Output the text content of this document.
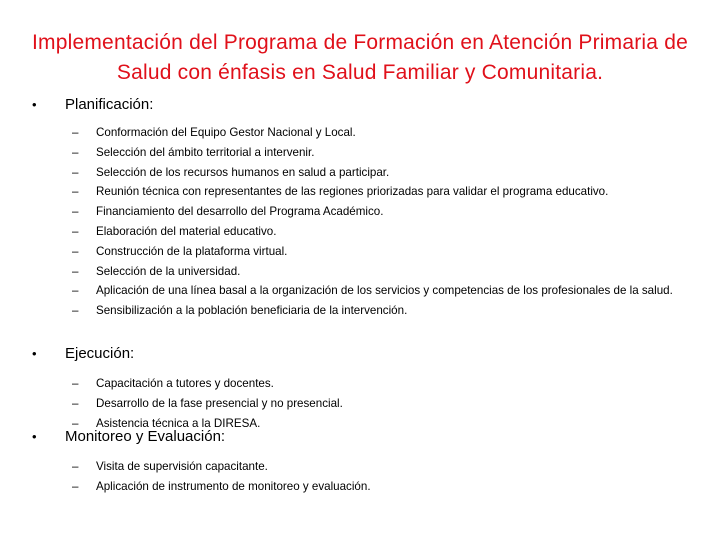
Implementación del Programa de Formación en Atención Primaria de Salud con énfasis en Salud Familiar y Comunitaria.
•	Planificación:
– Conformación del Equipo Gestor Nacional y Local.
– Selección del ámbito territorial a intervenir.
– Selección de los recursos humanos en salud a participar.
– Reunión técnica con representantes de las regiones priorizadas para validar el programa educativo.
– Financiamiento del desarrollo del Programa Académico.
– Elaboración del material educativo.
– Construcción de la plataforma virtual.
– Selección de la universidad.
– Aplicación de una línea basal a la organización de los servicios y competencias de los profesionales de la salud.
– Sensibilización a la población beneficiaria de la intervención.
•	Ejecución:
– Capacitación a tutores y docentes.
– Desarrollo de la fase presencial y no presencial.
– Asistencia técnica a la DIRESA.
•	Monitoreo y Evaluación:
– Visita de supervisión capacitante.
– Aplicación de instrumento de monitoreo y evaluación.
